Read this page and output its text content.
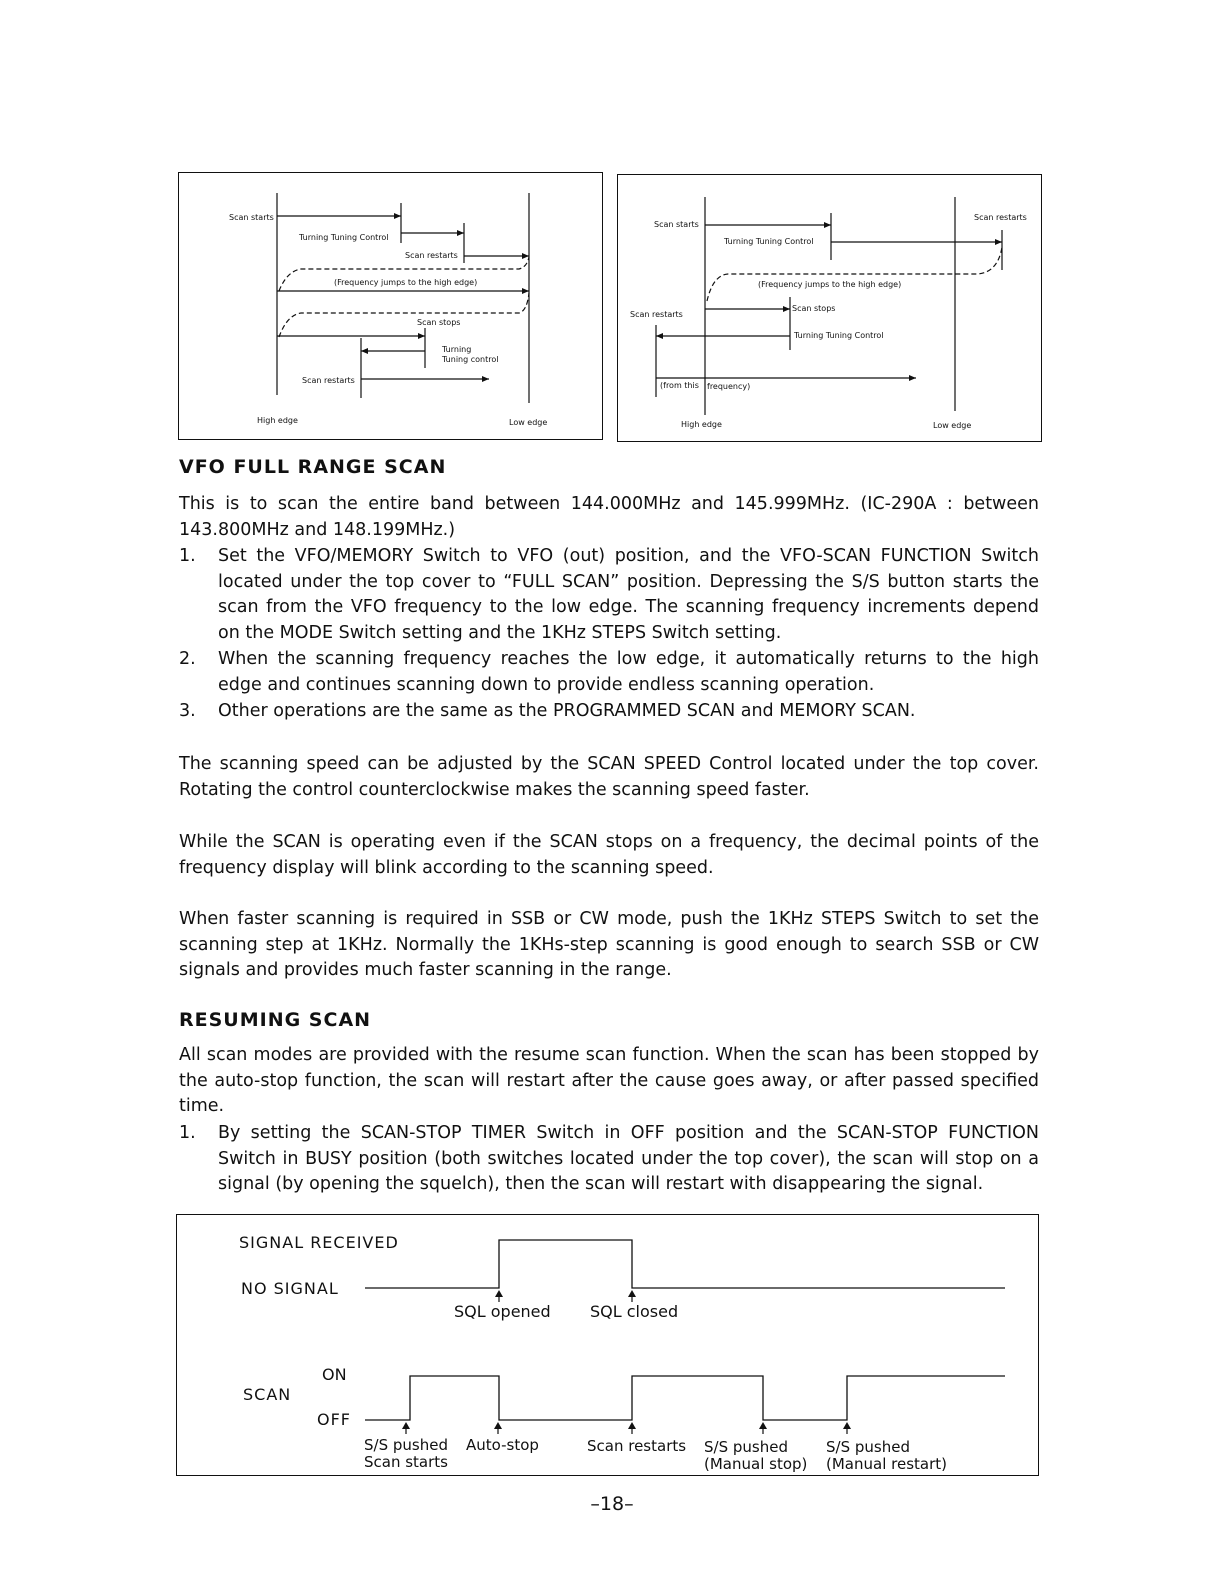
Scan starts
Turning Tuning Control
Scan restarts
(Frequency jumps to the high edge)
Scan stops
Turning
Tuning control
Scan restarts
High edge	Low edge
Scan starts
Scan restarts
Turning Tuning Control
(Frequency jumps to the high edge)
Scan restarts
Scan stops
Turning Tuning Control
(from this frequency)
High edge	Low edge
VFO FULL RANGE SCAN
This is to scan the entire band between 144.000MHz and 145.999MHz. (IC-290A : between 143.800MHz and 148.199MHz.)
1. Set the VFO/MEMORY Switch to VFO (out) position, and the VFO-SCAN FUNCTION Switch located under the top cover to “FULL SCAN” position. Depressing the S/S button starts the scan from the VFO frequency to the low edge. The scanning frequency increments depend on the MODE Switch setting and the 1KHz STEPS Switch setting.
2. When the scanning frequency reaches the low edge, it automatically returns to the high edge and continues scanning down to provide endless scanning operation.
3. Other operations are the same as the PROGRAMMED SCAN and MEMORY SCAN.
The scanning speed can be adjusted by the SCAN SPEED Control located under the top cover. Rotating the control counterclockwise makes the scanning speed faster.
While the SCAN is operating even if the SCAN stops on a frequency, the decimal points of the frequency display will blink according to the scanning speed.
When faster scanning is required in SSB or CW mode, push the 1KHz STEPS Switch to set the scanning step at 1KHz. Normally the 1KHs-step scanning is good enough to search SSB or CW signals and provides much faster scanning in the range.
RESUMING SCAN
All scan modes are provided with the resume scan function. When the scan has been stopped by the auto-stop function, the scan will restart after the cause goes away, or after passed specified time.
1. By setting the SCAN-STOP TIMER Switch in OFF position and the SCAN-STOP FUNCTION Switch in BUSY position (both switches located under the top cover), the scan will stop on a signal (by opening the squelch), then the scan will restart with disappearing the signal.
SIGNAL RECEIVED
NO SIGNAL
SQL opened SQL closed
ON
SCAN
OFF
S/S pushed
Scan starts
Auto-stop	Scan restarts S/S pushed
(Manual stop)
S/S pushed
(Manual restart)
–18–
